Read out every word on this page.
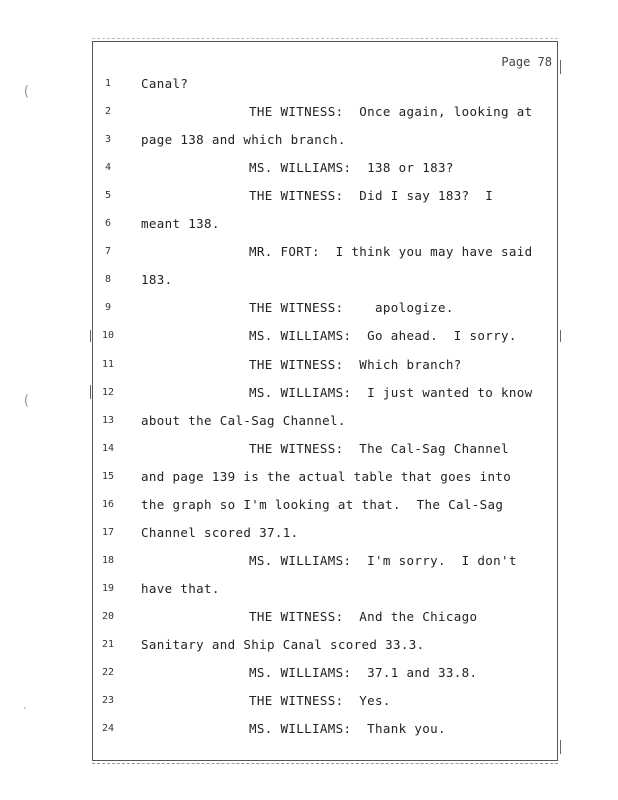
Page 78
(
(
·
1	Canal?
2	THE WITNESS:  Once again, looking at
3	page 138 and which branch.
4	MS. WILLIAMS:  138 or 183?
5	THE WITNESS:  Did I say 183?  I
6	meant 138.
7	MR. FORT:  I think you may have said
8	183.
9	THE WITNESS:    apologize.
10	MS. WILLIAMS:  Go ahead.  I sorry.
11	THE WITNESS:  Which branch?
12	MS. WILLIAMS:  I just wanted to know
13 about the Cal-Sag Channel.
14	THE WITNESS:  The Cal-Sag Channel
15 and page 139 is the actual table that goes into
16 the graph so I'm looking at that.  The Cal-Sag
17 Channel scored 37.1.
18	MS. WILLIAMS:  I'm sorry.  I don't
19 have that.
20	THE WITNESS:  And the Chicago
21 Sanitary and Ship Canal scored 33.3.
22	MS. WILLIAMS:  37.1 and 33.8.
23	THE WITNESS:  Yes.
24	MS. WILLIAMS:  Thank you.
